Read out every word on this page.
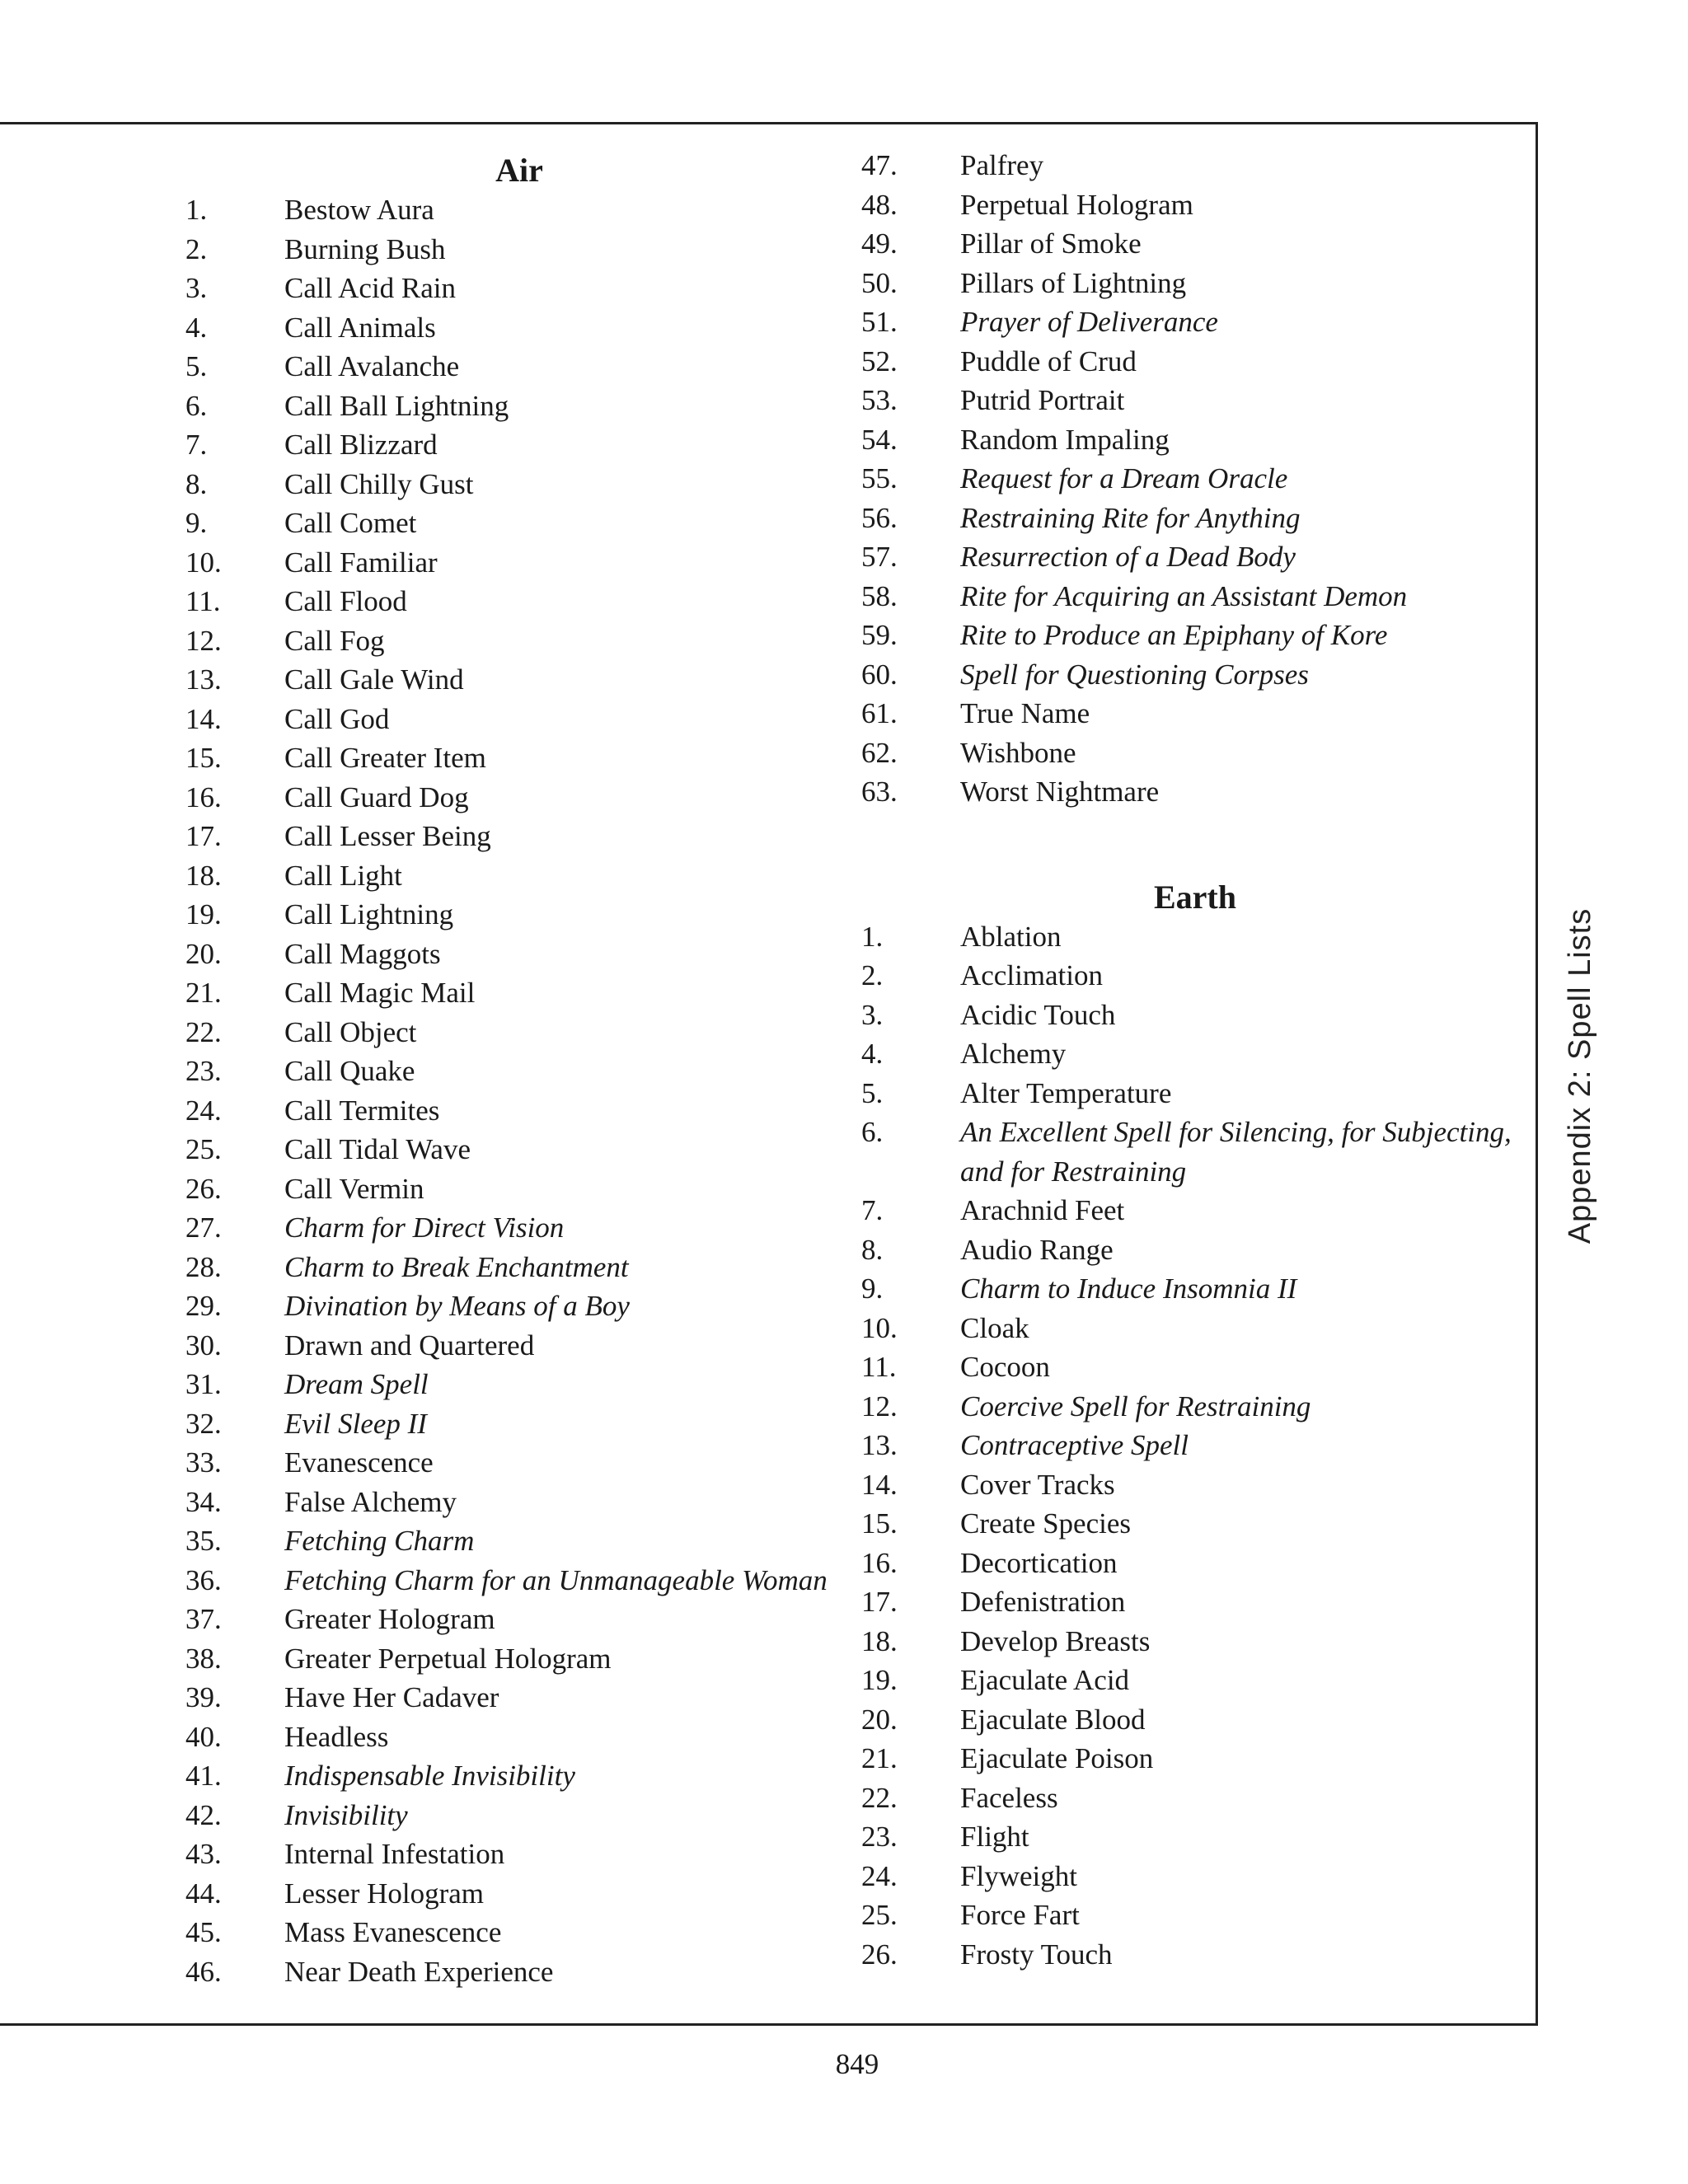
Air
1.	Bestow Aura
2.	Burning Bush
3.	Call Acid Rain
4.	Call Animals
5.	Call Avalanche
6.	Call Ball Lightning
7.	Call Blizzard
8.	Call Chilly Gust
9.	Call Comet
10.	Call Familiar
11.	Call Flood
12.	Call Fog
13.	Call Gale Wind
14.	Call God
15.	Call Greater Item
16.	Call Guard Dog
17.	Call Lesser Being
18.	Call Light
19.	Call Lightning
20.	Call Maggots
21.	Call Magic Mail
22.	Call Object
23.	Call Quake
24.	Call Termites
25.	Call Tidal Wave
26.	Call Vermin
27.	Charm for Direct Vision
28.	Charm to Break Enchantment
29.	Divination by Means of a Boy
30.	Drawn and Quartered
31.	Dream Spell
32.	Evil Sleep II
33.	Evanescence
34.	False Alchemy
35.	Fetching Charm
36.	Fetching Charm for an Unmanageable Woman
37.	Greater Hologram
38.	Greater Perpetual Hologram
39.	Have Her Cadaver
40.	Headless
41.	Indispensable Invisibility
42.	Invisibility
43.	Internal Infestation
44.	Lesser Hologram
45.	Mass Evanescence
46.	Near Death Experience
47.	Palfrey
48.	Perpetual Hologram
49.	Pillar of Smoke
50.	Pillars of Lightning
51.	Prayer of Deliverance
52.	Puddle of Crud
53.	Putrid Portrait
54.	Random Impaling
55.	Request for a Dream Oracle
56.	Restraining Rite for Anything
57.	Resurrection of a Dead Body
58.	Rite for Acquiring an Assistant Demon
59.	Rite to Produce an Epiphany of Kore
60.	Spell for Questioning Corpses
61.	True Name
62.	Wishbone
63.	Worst Nightmare
Earth
1.	Ablation
2.	Acclimation
3.	Acidic Touch
4.	Alchemy
5.	Alter Temperature
6.	An Excellent Spell for Silencing, for Subjecting, and for Restraining
7.	Arachnid Feet
8.	Audio Range
9.	Charm to Induce Insomnia II
10.	Cloak
11.	Cocoon
12.	Coercive Spell for Restraining
13.	Contraceptive Spell
14.	Cover Tracks
15.	Create Species
16.	Decortication
17.	Defenistration
18.	Develop Breasts
19.	Ejaculate Acid
20.	Ejaculate Blood
21.	Ejaculate Poison
22.	Faceless
23.	Flight
24.	Flyweight
25.	Force Fart
26.	Frosty Touch
Appendix 2: Spell Lists
849
